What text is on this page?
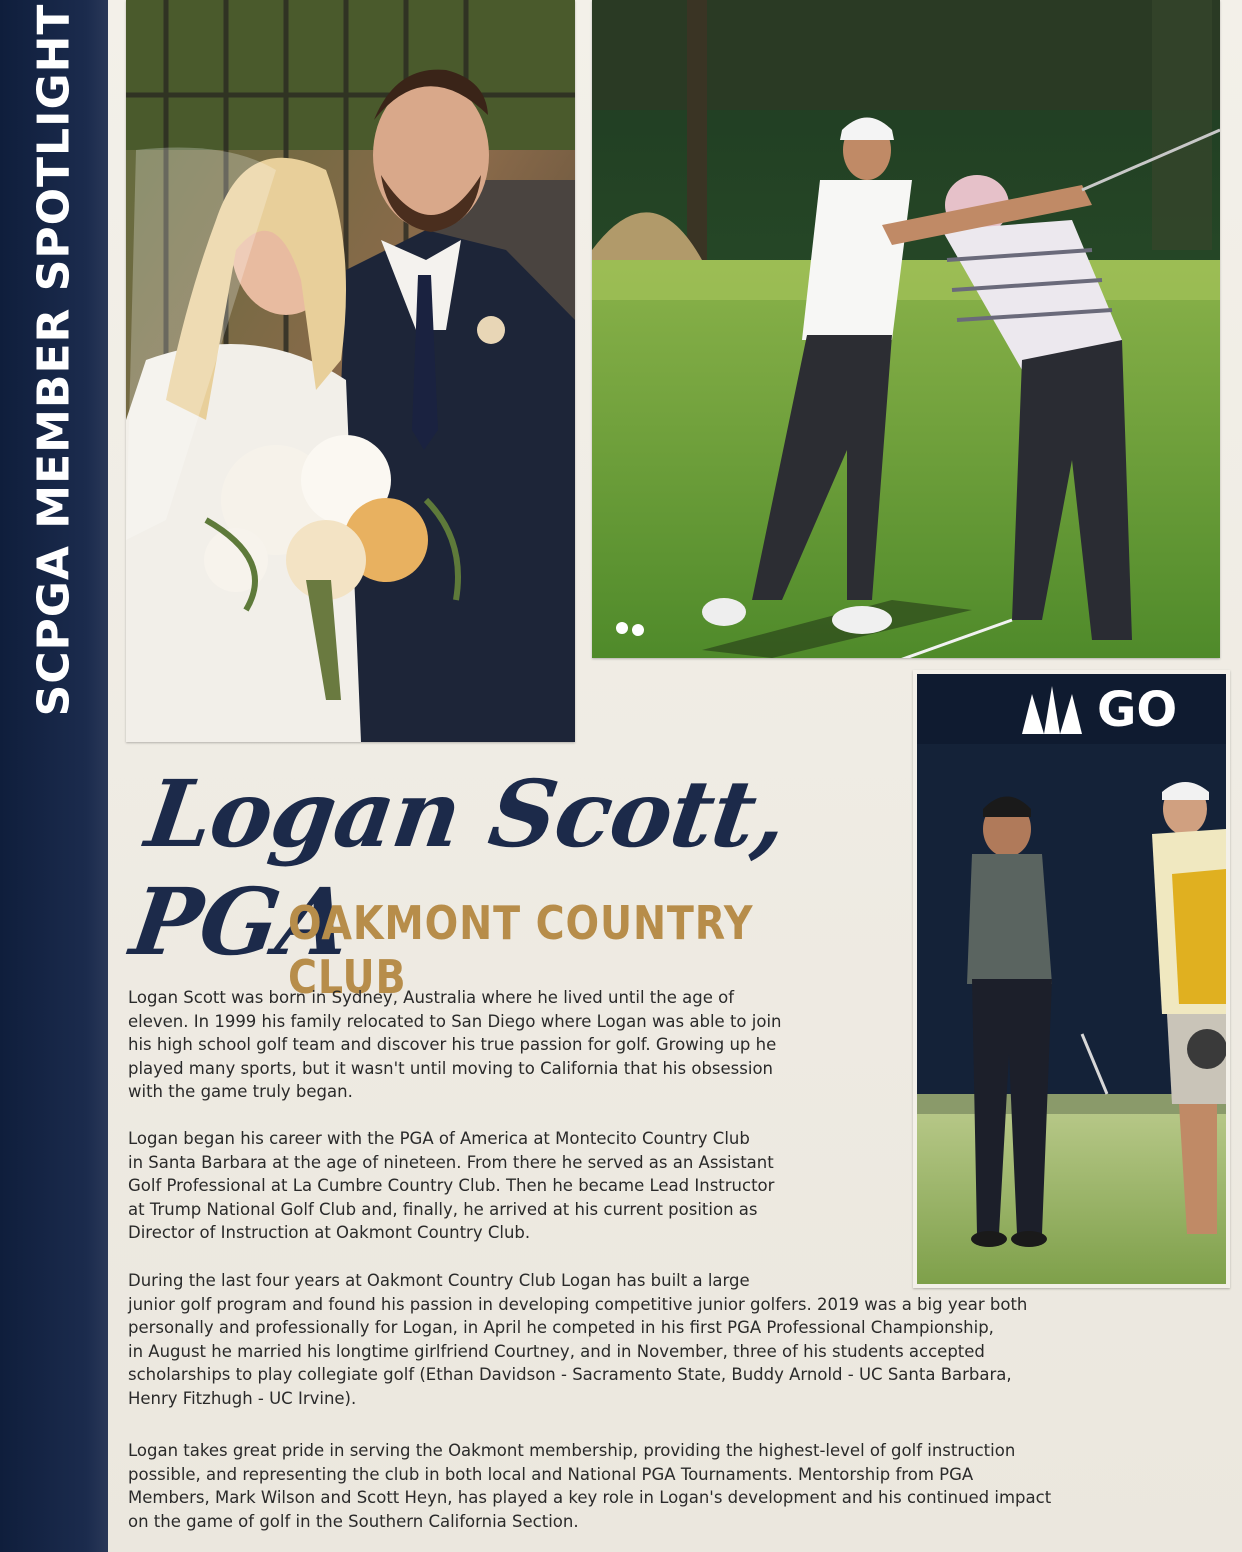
SCPGA MEMBER SPOTLIGHT	GO
Logan Scott, PGA
OAKMONT COUNTRY CLUB
Logan Scott was born in Sydney, Australia where he lived until the age of
eleven. In 1999 his family relocated to San Diego where Logan was able to join
his high school golf team and discover his true passion for golf. Growing up he
played many sports, but it wasn't until moving to California that his obsession
with the game truly began.
Logan began his career with the PGA of America at Montecito Country Club
in Santa Barbara at the age of nineteen. From there he served as an Assistant
Golf Professional at La Cumbre Country Club. Then he became Lead Instructor
at Trump National Golf Club and, finally, he arrived at his current position as
Director of Instruction at Oakmont Country Club.
During the last four years at Oakmont Country Club Logan has built a large
junior golf program and found his passion in developing competitive junior golfers. 2019 was a big year both
personally and professionally for Logan, in April he competed in his first PGA Professional Championship,
in August he married his longtime girlfriend Courtney, and in November, three of his students accepted
scholarships to play collegiate golf (Ethan Davidson - Sacramento State, Buddy Arnold - UC Santa Barbara,
Henry Fitzhugh - UC Irvine).
Logan takes great pride in serving the Oakmont membership, providing the highest-level of golf instruction
possible, and representing the club in both local and National PGA Tournaments. Mentorship from PGA
Members, Mark Wilson and Scott Heyn, has played a key role in Logan's development and his continued impact
on the game of golf in the Southern California Section.
